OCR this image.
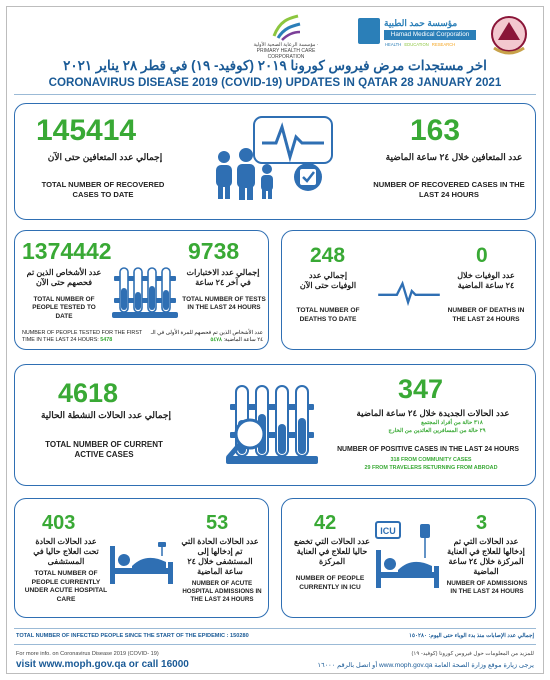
مؤسسة الرعاية الصحية الأولية · PRIMARY HEALTH CARE CORPORATION
مؤسسة حمد الطبية
Hamad Medical Corporation
HEALTH EDUCATION RESEARCH
اخر مستجدات مرض فيروس كورونا ٢٠١٩ (كوفيد- ١٩) في قطر ٢٨ يناير ٢٠٢١
CORONAVIRUS DISEASE 2019 (COVID-19) UPDATES IN QATAR 28 JANUARY 2021
145414
إجمالي عدد المتعافين حتى الآن
TOTAL NUMBER OF RECOVERED CASES TO DATE
163
عدد المتعافين خلال ٢٤ ساعة الماضية
NUMBER OF RECOVERED CASES IN THE LAST 24 HOURS
1374442
عدد الأشخاص الذين تم فحصهم حتى الآن
TOTAL NUMBER OF PEOPLE TESTED TO DATE
9738
إجمالي عدد الاختبارات في آخر ٢٤ ساعة
TOTAL NUMBER OF TESTS IN THE LAST 24 HOURS
NUMBER OF PEOPLE TESTED FOR THE FIRST TIME IN THE LAST 24 HOURS: 5478
عدد الأشخاص الذين تم فحصهم للمرة الأولى في الـ ٢٤ ساعة الماضية: ٥٤٧٨
248
إجمالي عدد الوفيات حتى الآن
TOTAL NUMBER OF DEATHS TO DATE
0
عدد الوفيات خلال ٢٤ ساعة الماضية
NUMBER OF DEATHS IN THE LAST 24 HOURS
4618
إجمالي عدد الحالات النشطة الحالية
TOTAL NUMBER OF CURRENT ACTIVE CASES
347
عدد الحالات الجديدة خلال ٢٤ ساعة الماضية
٣١٨ حالة من أفراد المجتمع
٢٩ حالة من المسافرين العائدين من الخارج
NUMBER OF POSITIVE CASES IN THE LAST 24 HOURS
318 FROM COMMUNITY CASES
29 FROM TRAVELERS RETURNING FROM ABROAD
403
عدد الحالات الحادة تحت العلاج حاليا في المستشفى
TOTAL NUMBER OF PEOPLE CURRENTLY UNDER ACUTE HOSPITAL CARE
53
عدد الحالات الحادة التي تم إدخالها إلى المستشفى خلال ٢٤ ساعة الماضية
NUMBER OF ACUTE HOSPITAL ADMISSIONS IN THE LAST 24 HOURS
42
عدد الحالات التي تخضع حاليا للعلاج في العناية المركزة
NUMBER OF PEOPLE CURRENTLY IN ICU
3
عدد الحالات التي تم إدخالها للعلاج في العناية المركزة خلال ٢٤ ساعة الماضية
NUMBER OF ADMISSIONS IN THE LAST 24 HOURS
ICU
TOTAL NUMBER OF INFECTED PEOPLE SINCE THE START OF THE EPIDEMIC : 150280	إجمالي عدد الإصابات منذ بدء الوباء حتى اليوم: ١٥٠٢٨٠
For more info. on Coronavirus Disease 2019 (COVID- 19)	للمزيد من المعلومات حول فيروس كورونا (كوفيد- ١٩)
visit www.moph.gov.qa or call 16000	يرجى زيارة موقع وزارة الصحة العامة www.moph.gov.qa أو اتصل بالرقم ١٦٠٠٠
